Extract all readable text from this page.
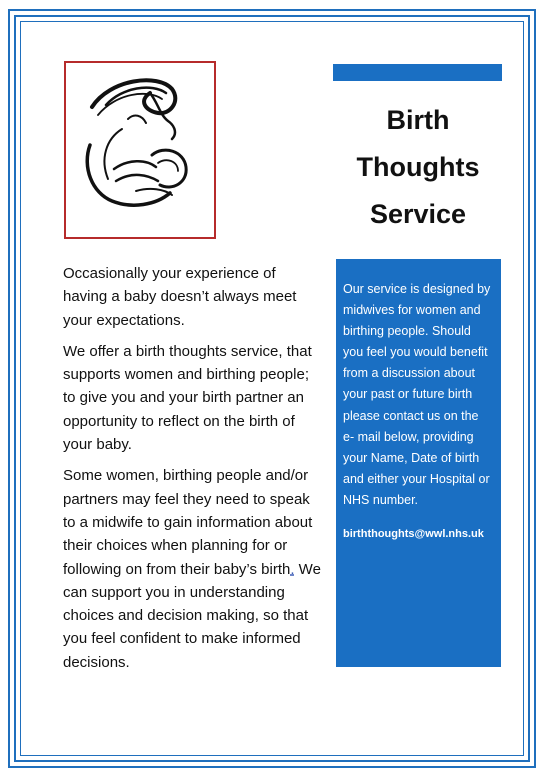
Occasionally your experience of having a baby doesn’t always meet your expectations.

We offer a birth thoughts service, that supports women and birthing people; to give you and your birth partner an opportunity to reflect on the birth of your baby.

Some women, birthing people and/or partners may feel they need to speak to a midwife to gain information about their choices when planning for or following on from their baby’s birth. We can support you in understanding choices and decision making, so that you feel confident to make informed decisions.

Birth
Thoughts
Service

Our service is designed by midwives for women and birthing people. Should you feel you would benefit from a discussion about your past or future birth please contact us on the e- mail below, providing your Name, Date of birth and either your Hospital or NHS number.

birththoughts@wwl.nhs.uk
